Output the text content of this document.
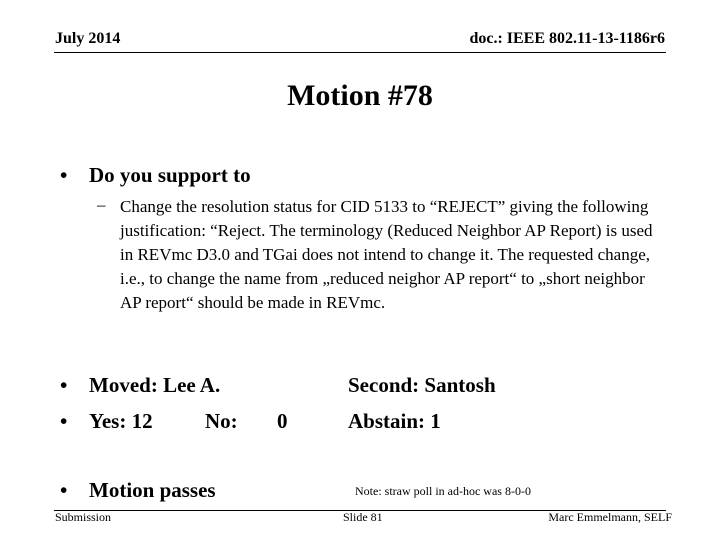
July 2014	doc.: IEEE 802.11-13-1186r6
Motion #78
• Do you support to
– Change the resolution status for CID 5133 to “REJECT” giving the following justification: “Reject. The terminology (Reduced Neighbor AP Report) is used in REVmc D3.0 and TGai does not intend to change it. The requested change, i.e., to change the name from „reduced neighor AP report“ to „short neighbor AP report“ should be made in REVmc.
• Moved: Lee A.	Second: Santosh
• Yes: 12 No: 0	Abstain: 1
• Motion passes	Note: straw poll in ad-hoc was 8-0-0
Submission	Slide 81	Marc Emmelmann, SELF
